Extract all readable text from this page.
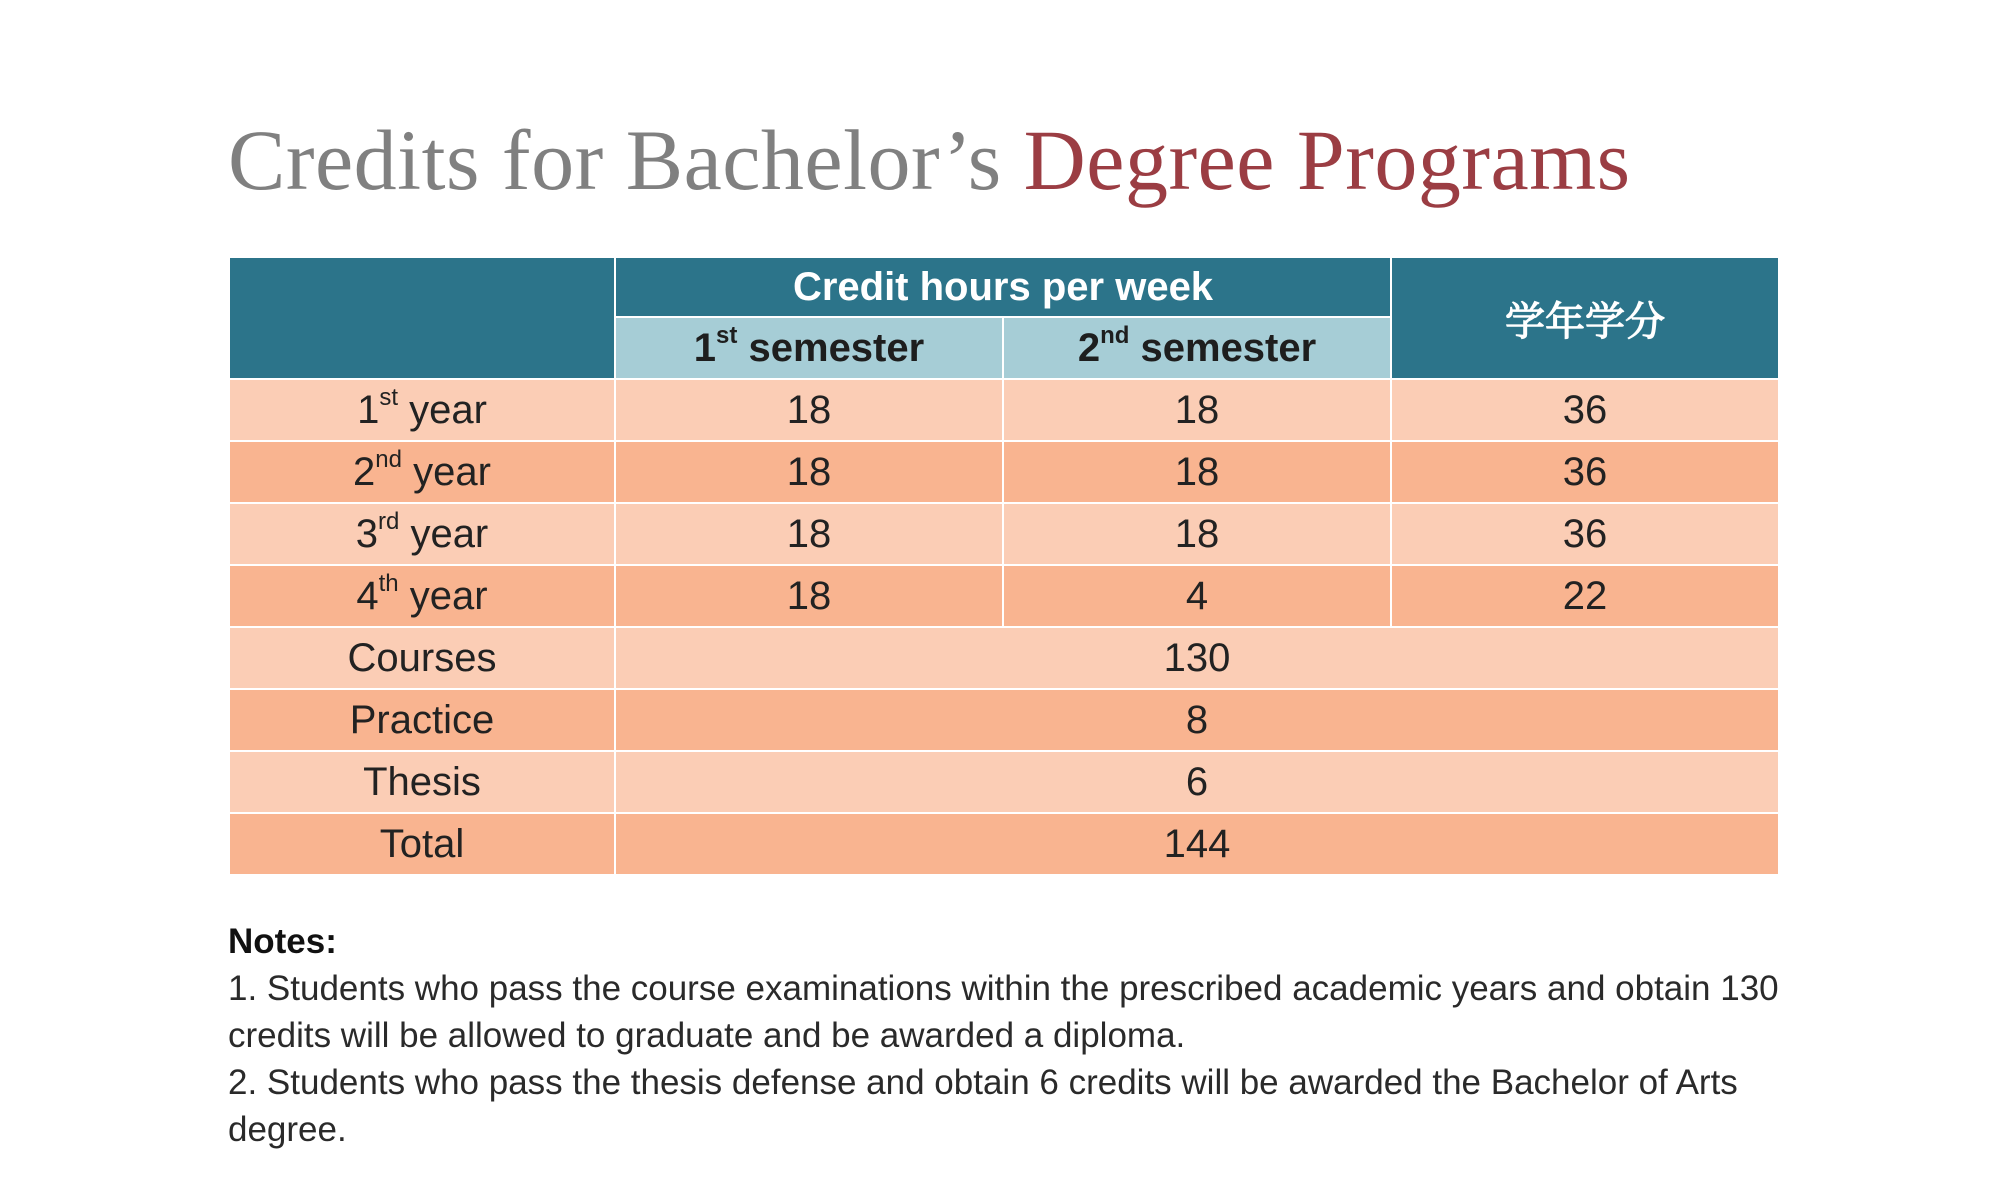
Credits for Bachelor’s Degree Programs
	Credit hours per week		学年学分
	1st semester	2nd semester	
1st year	18	18	36
2nd year	18	18	36
3rd year	18	18	36
4th year	18	4	22
Courses	130		
Practice	8		
Thesis	6		
Total	144		
Notes:
1. Students who pass the course examinations within the prescribed academic years and obtain 130 credits will be allowed to graduate and be awarded a diploma.
2. Students who pass the thesis defense and obtain 6 credits will be awarded the Bachelor of Arts degree.
